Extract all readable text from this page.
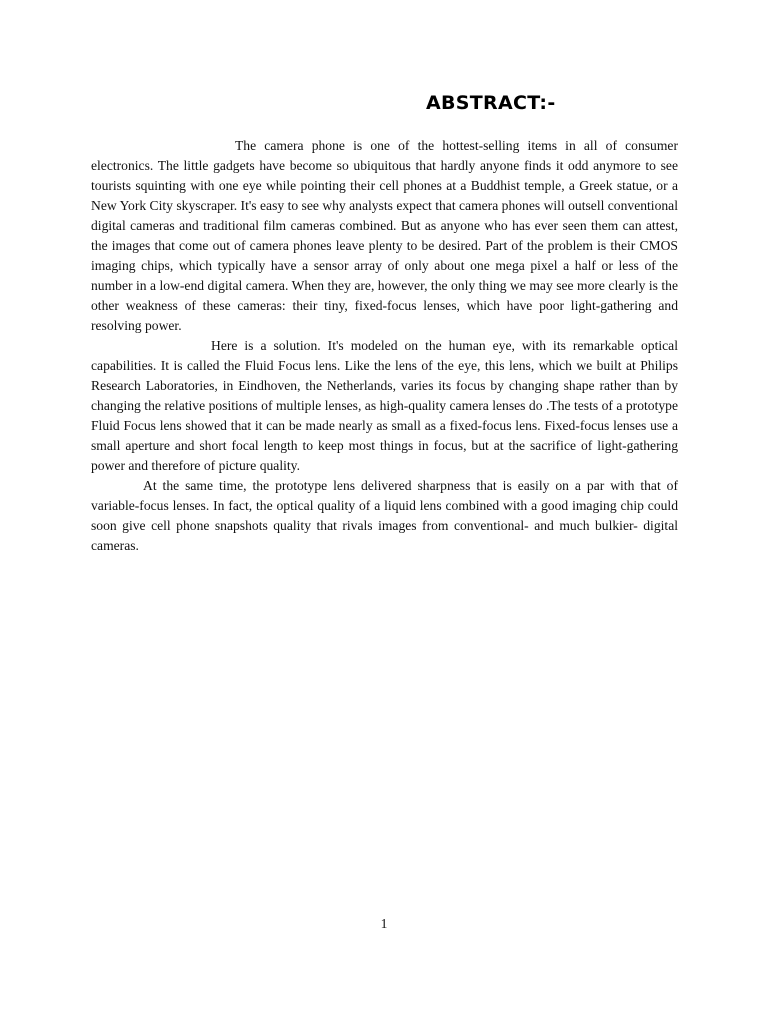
ABSTRACT:-

The camera phone is one of the hottest-selling items in all of consumer electronics. The little gadgets have become so ubiquitous that hardly anyone finds it odd anymore to see tourists squinting with one eye while pointing their cell phones at a Buddhist temple, a Greek statue, or a New York City skyscraper. It's easy to see why analysts expect that camera phones will outsell conventional digital cameras and traditional film cameras combined. But as anyone who has ever seen them can attest, the images that come out of camera phones leave plenty to be desired. Part of the problem is their CMOS imaging chips, which typically have a sensor array of only about one mega pixel a half or less of the number in a low-end digital camera. When they are, however, the only thing we may see more clearly is the other weakness of these cameras: their tiny, fixed-focus lenses, which have poor light-gathering and resolving power.

Here is a solution. It's modeled on the human eye, with its remarkable optical capabilities. It is called the Fluid Focus lens. Like the lens of the eye, this lens, which we built at Philips Research Laboratories, in Eindhoven, the Netherlands, varies its focus by changing shape rather than by changing the relative positions of multiple lenses, as high-quality camera lenses do .The tests of a prototype Fluid Focus lens showed that it can be made nearly as small as a fixed-focus lens. Fixed-focus lenses use a small aperture and short focal length to keep most things in focus, but at the sacrifice of light-gathering power and therefore of picture quality.

At the same time, the prototype lens delivered sharpness that is easily on a par with that of variable-focus lenses. In fact, the optical quality of a liquid lens combined with a good imaging chip could soon give cell phone snapshots quality that rivals images from conventional- and much bulkier- digital cameras.

1
